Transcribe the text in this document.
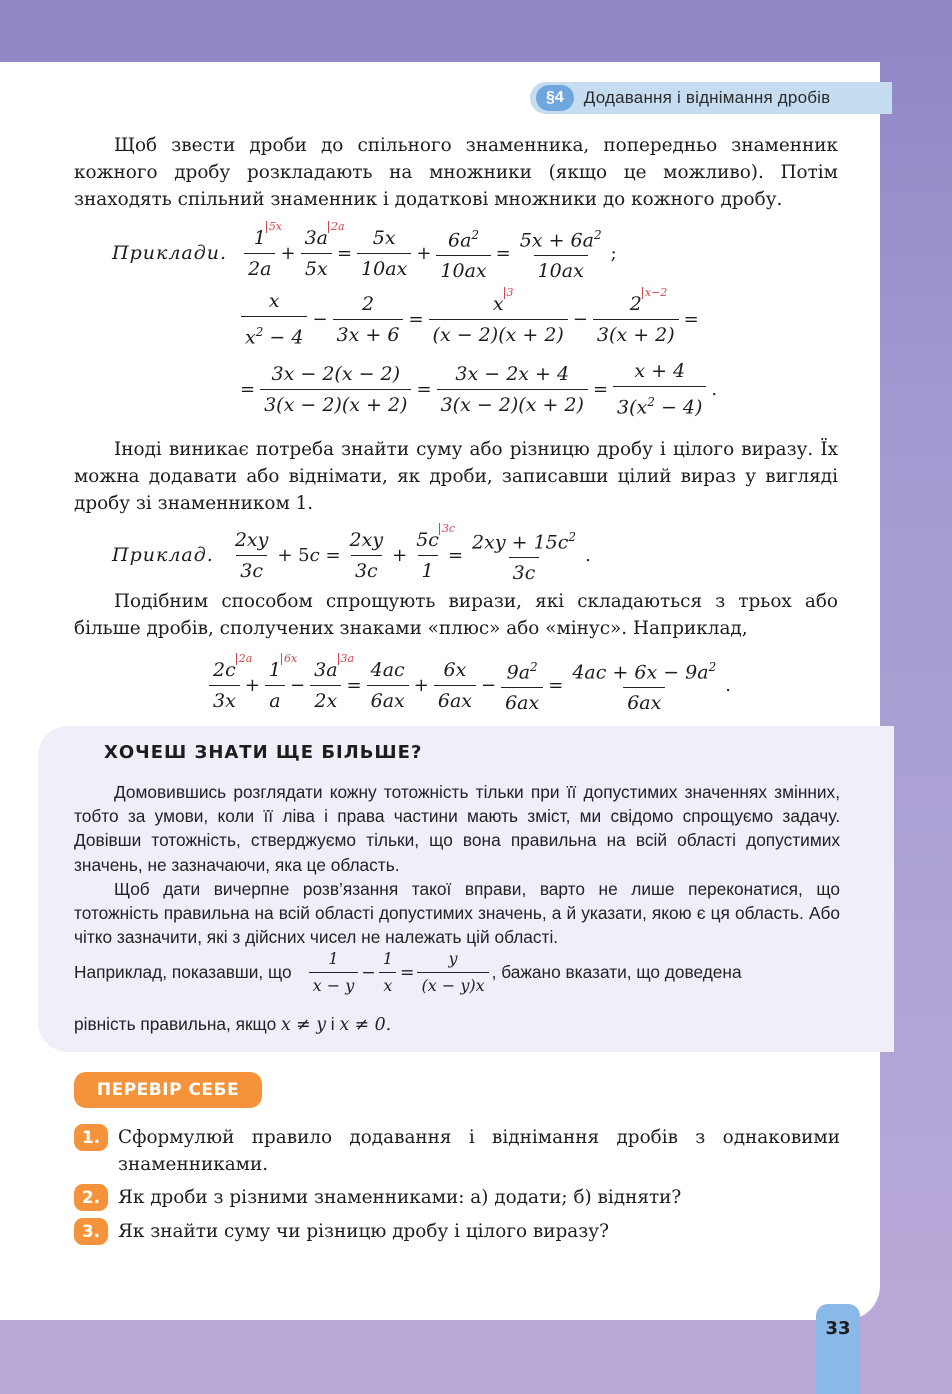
§4	Додавання і віднімання дробів

Щоб звести дроби до спільного знаменника, попередньо знаменник кожного дробу розкладають на множники (якщо це можливо). Потім знаходять спільний знаменник і додаткові множники до кожного дробу.

Приклади. $\frac{1 5x}{2a} + \frac{3a 2a}{5x} = \frac{5x}{10ax} + \frac{6a^2}{10ax} = \frac{5x + 6a^2}{10ax}$ ;
$\frac{x}{x^2 - 4} - \frac{2}{3x + 6} = \frac{x 3}{(x - 2)(x + 2)} - \frac{2 x-2}{3(x + 2)}$ =
= $\frac{3x - 2(x - 2)}{3(x - 2)(x + 2)} = \frac{3x - 2x + 4}{3(x - 2)(x + 2)} = \frac{x + 4}{3(x^2 - 4)}$ .

Іноді виникає потреба знайти суму або різницю дробу і цілого виразу. Їх можна додавати або віднімати, як дроби, записавши цілий вираз у вигляді дробу зі знаменником 1.

Приклад. $\frac{2xy}{3c} + 5c = \frac{2xy}{3c} + \frac{5c 3c}{1} = \frac{2xy + 15c^2}{3c}$ .

Подібним способом спрощують вирази, які складаються з трьох або більше дробів, сполучених знаками «плюс» або «мінус». Наприклад,

$\frac{2c 2a}{3x} + \frac{1 6x}{a} - \frac{3a 3a}{2x} = \frac{4ac}{6ax} + \frac{6x}{6ax} - \frac{9a^2}{6ax} = \frac{4ac + 6x - 9a^2}{6ax}$ .
ХОЧЕШ ЗНАТИ ЩЕ БІЛЬШЕ?

Домовившись розглядати кожну тотожність тільки при її допустимих значеннях змінних, тобто за умови, коли її ліва і права частини мають зміст, ми свідомо спрощуємо задачу. Довівши тотожність, стверджуємо тільки, що вона правильна на всій області допустимих значень, не зазначаючи, яка це область.

Щоб дати вичерпне розв’язання такої вправи, варто не лише переконатися, що тотожність правильна на всій області допустимих значень, а й указати, якою є ця область. Або чітко зазначити, які з дійсних чисел не належать цій області.

Наприклад, показавши, що $\frac{1}{x - y} - \frac{1}{x} = \frac{y}{(x - y)x}$ , бажано вказати, що доведена
рівність правильна, якщо x ≠ y і x ≠ 0.
ПЕРЕВІР СЕБЕ
1. Сформулюй правило додавання і віднімання дробів з однаковими знаменниками.
2. Як дроби з різними знаменниками: а) додати; б) відняти?
3. Як знайти суму чи різницю дробу і цілого виразу?
33
